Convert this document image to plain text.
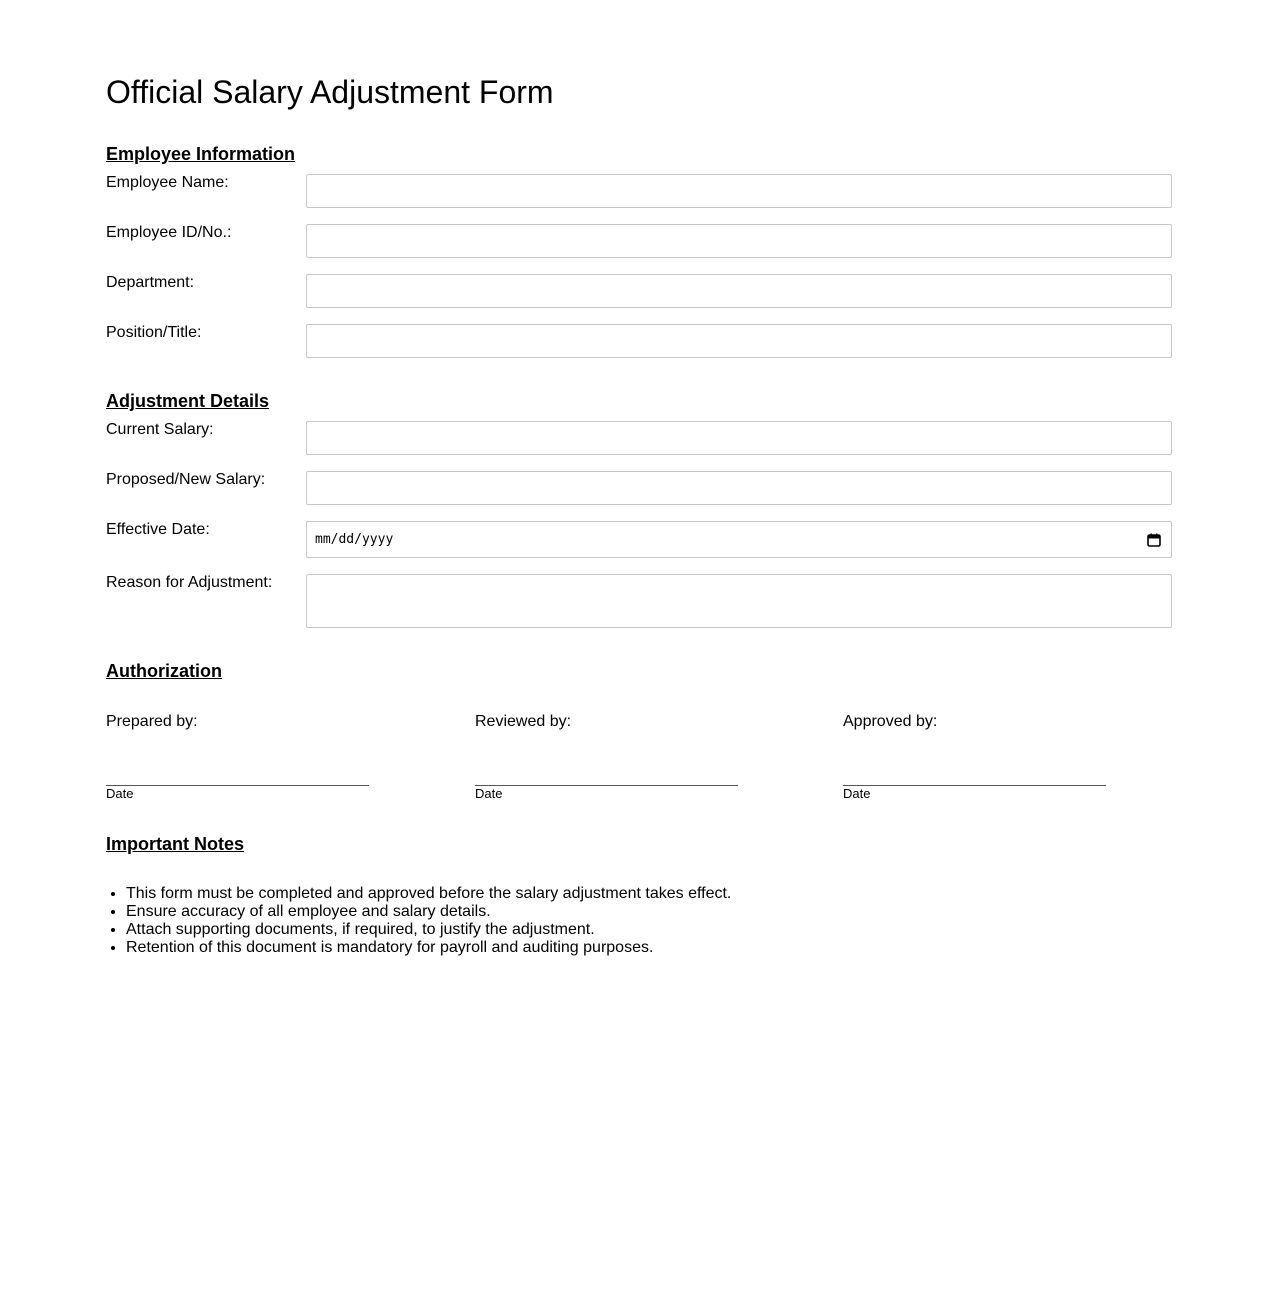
Official Salary Adjustment Form
Employee Information
Employee Name:
Employee ID/No.:
Department:
Position/Title:
Adjustment Details
Current Salary:
Proposed/New Salary:
Effective Date:
mm/dd/yyyy
Reason for Adjustment:
Authorization
Prepared by:
Date
Reviewed by:
Date
Approved by:
Date
Important Notes
• This form must be completed and approved before the salary adjustment takes effect.
• Ensure accuracy of all employee and salary details.
• Attach supporting documents, if required, to justify the adjustment.
• Retention of this document is mandatory for payroll and auditing purposes.
